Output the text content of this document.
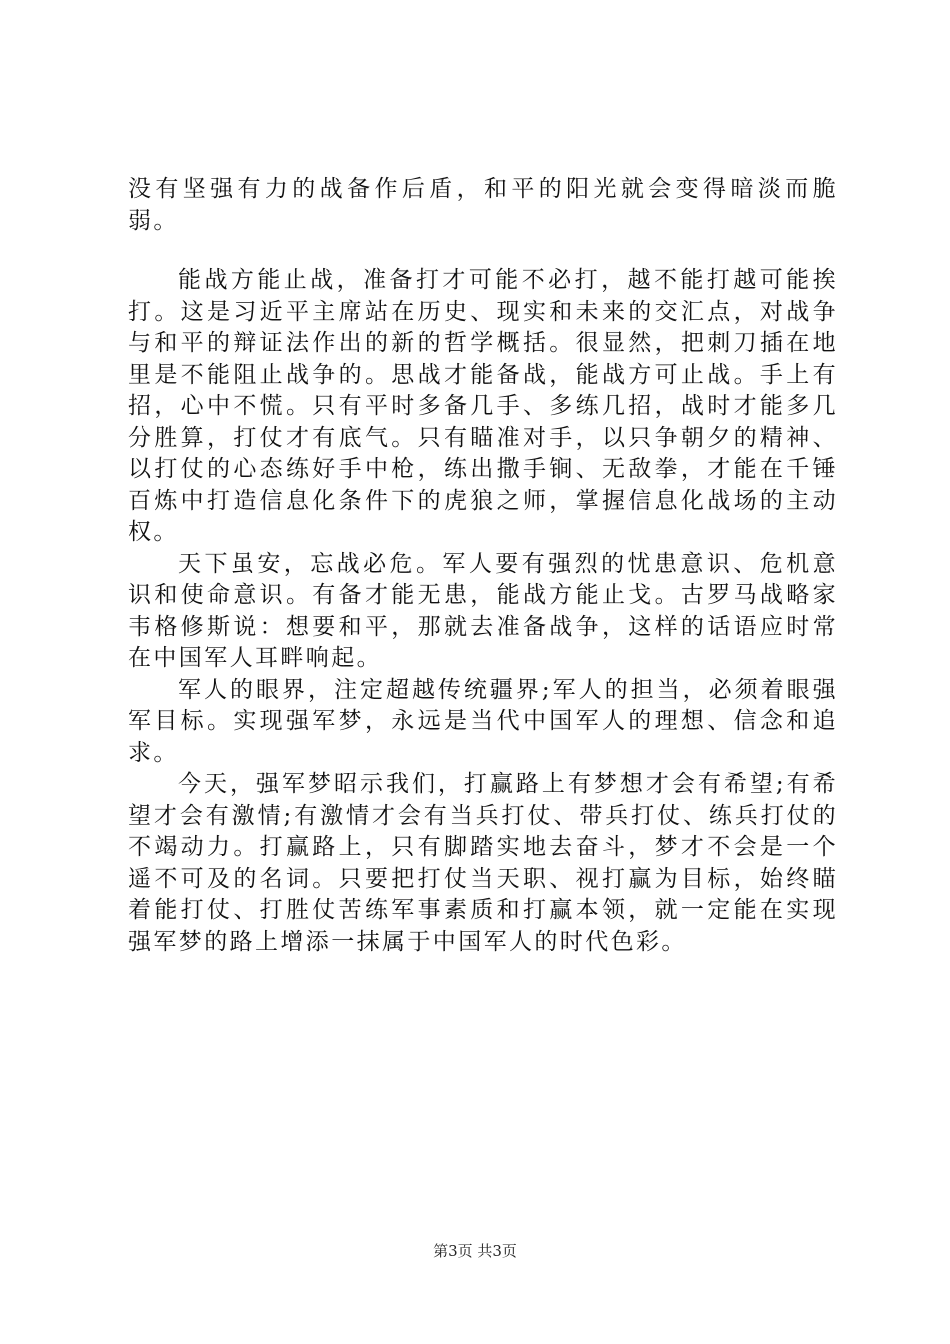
没有坚强有力的战备作后盾，和平的阳光就会变得暗淡而脆弱。

能战方能止战，准备打才可能不必打，越不能打越可能挨打。这是习近平主席站在历史、现实和未来的交汇点，对战争与和平的辩证法作出的新的哲学概括。很显然，把刺刀插在地里是不能阻止战争的。思战才能备战，能战方可止战。手上有招，心中不慌。只有平时多备几手、多练几招，战时才能多几分胜算，打仗才有底气。只有瞄准对手，以只争朝夕的精神、以打仗的心态练好手中枪，练出撒手锏、无敌拳，才能在千锤百炼中打造信息化条件下的虎狼之师，掌握信息化战场的主动权。

天下虽安，忘战必危。军人要有强烈的忧患意识、危机意识和使命意识。有备才能无患，能战方能止戈。古罗马战略家韦格修斯说：想要和平，那就去准备战争，这样的话语应时常在中国军人耳畔响起。

军人的眼界，注定超越传统疆界;军人的担当，必须着眼强军目标。实现强军梦，永远是当代中国军人的理想、信念和追求。

今天，强军梦昭示我们，打赢路上有梦想才会有希望;有希望才会有激情;有激情才会有当兵打仗、带兵打仗、练兵打仗的不竭动力。打赢路上，只有脚踏实地去奋斗，梦才不会是一个遥不可及的名词。只要把打仗当天职、视打赢为目标，始终瞄着能打仗、打胜仗苦练军事素质和打赢本领，就一定能在实现强军梦的路上增添一抹属于中国军人的时代色彩。

第3页 共3页
